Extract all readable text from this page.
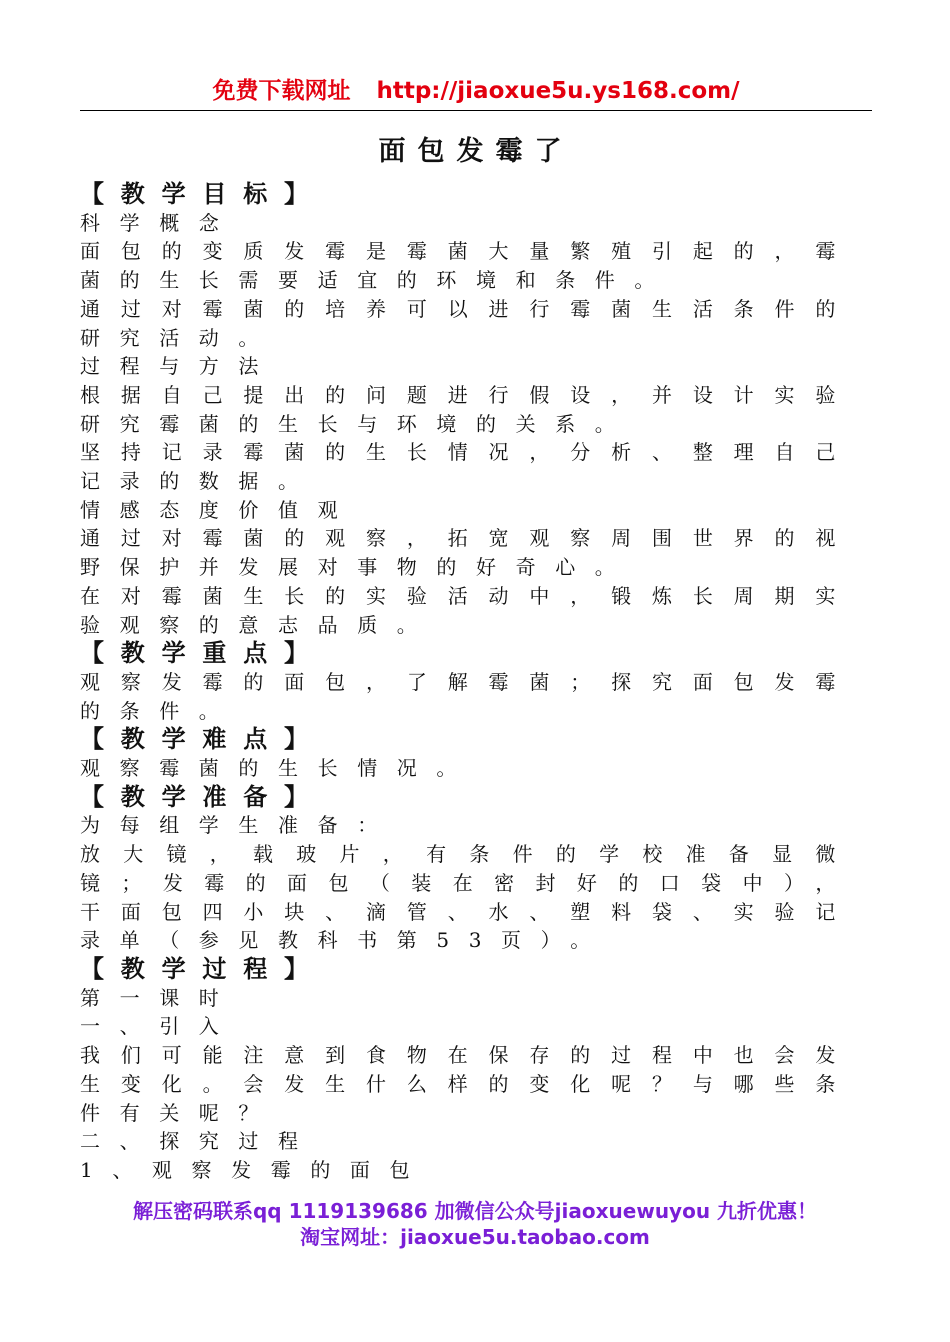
免费下载网址 http://jiaoxue5u.ys168.com/
面包发霉了

【教学目标】

科学概念

面包的变质发霉是霉菌大量繁殖引起的，霉菌的生长需要适宜的环境和条件。

通过对霉菌的培养可以进行霉菌生活条件的研究活动。

过程与方法

根据自己提出的问题进行假设，并设计实验研究霉菌的生长与环境的关系。

坚持记录霉菌的生长情况，分析、整理自己记录的数据。

情感态度价值观

通过对霉菌的观察，拓宽观察周围世界的视野保护并发展对事物的好奇心。

在对霉菌生长的实验活动中，锻炼长周期实验观察的意志品质。

【教学重点】

观察发霉的面包，了解霉菌；探究面包发霉的条件。

【教学难点】

观察霉菌的生长情况。

【教学准备】

为每组学生准备：

放大镜，载玻片，有条件的学校准备显微镜；发霉的面包（装在密封好的口袋中），干面包四小块、滴管、水、塑料袋、实验记录单（参见教科书第53页）。

【教学过程】

第一课时

一、引入

我们可能注意到食物在保存的过程中也会发生变化。会发生什么样的变化呢？与哪些条件有关呢？

二、探究过程

1、观察发霉的面包

解压密码联系qq 1119139686 加微信公众号jiaoxuewuyou 九折优惠！

淘宝网址：jiaoxue5u.taobao.com
